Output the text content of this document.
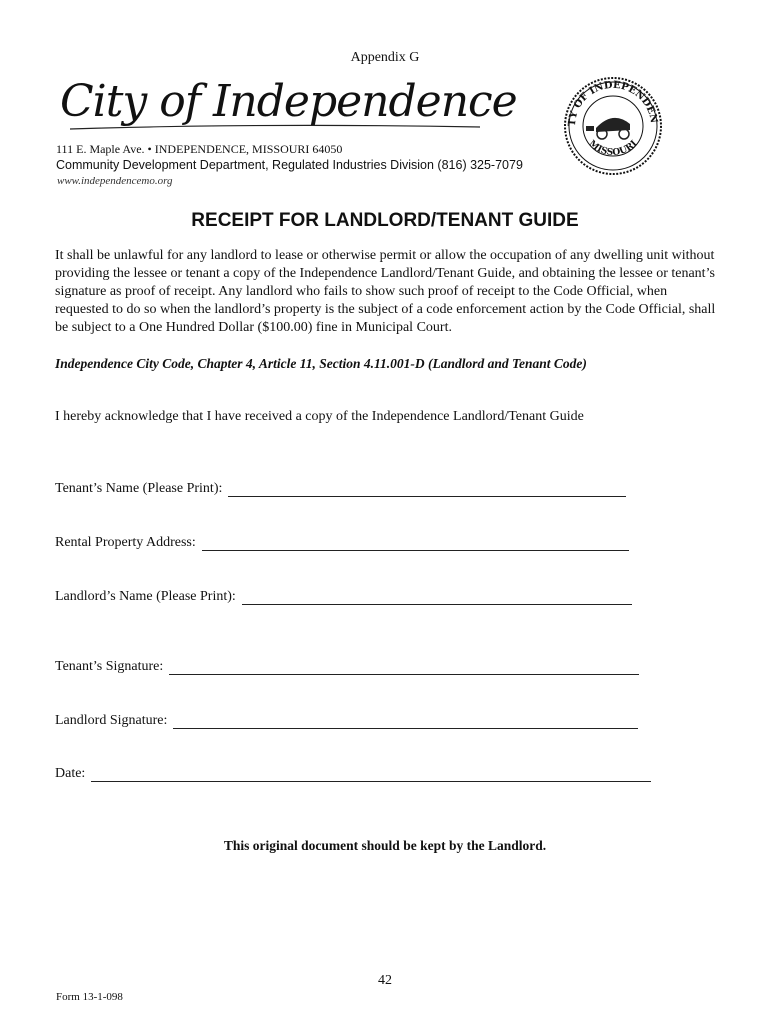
Appendix G
City of Independence	TY OF INDEPENDEN
MISSOURI
111 E. Maple Ave. • INDEPENDENCE, MISSOURI 64050
Community Development Department, Regulated Industries Division (816) 325-7079
www.independencemo.org
RECEIPT FOR LANDLORD/TENANT GUIDE
It shall be unlawful for any landlord to lease or otherwise permit or allow the occupation of any dwelling unit without providing the lessee or tenant a copy of the Independence Landlord/Tenant Guide, and obtaining the lessee or tenant’s signature as proof of receipt. Any landlord who fails to show such proof of receipt to the Code Official, when requested to do so when the landlord’s property is the subject of a code enforcement action by the Code Official, shall be subject to a One Hundred Dollar ($100.00) fine in Municipal Court.
Independence City Code, Chapter 4, Article 11, Section 4.11.001-D (Landlord and Tenant Code)
I hereby acknowledge that I have received a copy of the Independence Landlord/Tenant Guide
Tenant’s Name (Please Print):
Rental Property Address:
Landlord’s Name (Please Print):
Tenant’s Signature:
Landlord Signature:
Date:
This original document should be kept by the Landlord.
42
Form 13-1-098
